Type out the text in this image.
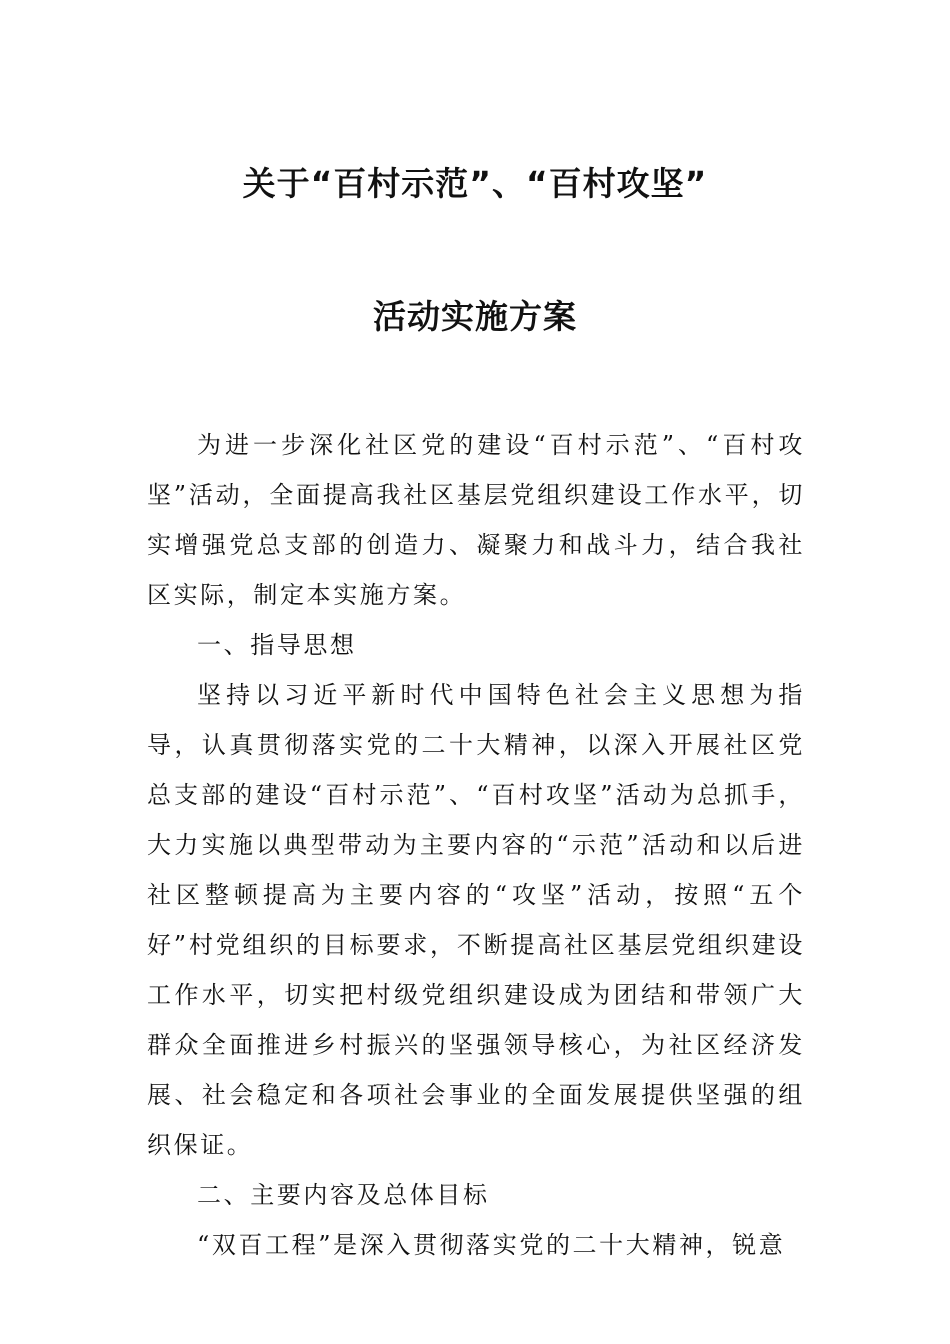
关于“百村示范”、“百村攻坚”
活动实施方案

为进一步深化社区党的建设“百村示范”、“百村攻坚”活动，全面提高我社区基层党组织建设工作水平，切实增强党总支部的创造力、凝聚力和战斗力，结合我社区实际，制定本实施方案。

一、指导思想

坚持以习近平新时代中国特色社会主义思想为指导，认真贯彻落实党的二十大精神，以深入开展社区党总支部的建设“百村示范”、“百村攻坚”活动为总抓手，大力实施以典型带动为主要内容的“示范”活动和以后进社区整顿提高为主要内容的“攻坚”活动，按照“五个好”村党组织的目标要求，不断提高社区基层党组织建设工作水平，切实把村级党组织建设成为团结和带领广大群众全面推进乡村振兴的坚强领导核心，为社区经济发展、社会稳定和各项社会事业的全面发展提供坚强的组织保证。

二、主要内容及总体目标

“双百工程”是深入贯彻落实党的二十大精神，锐意
